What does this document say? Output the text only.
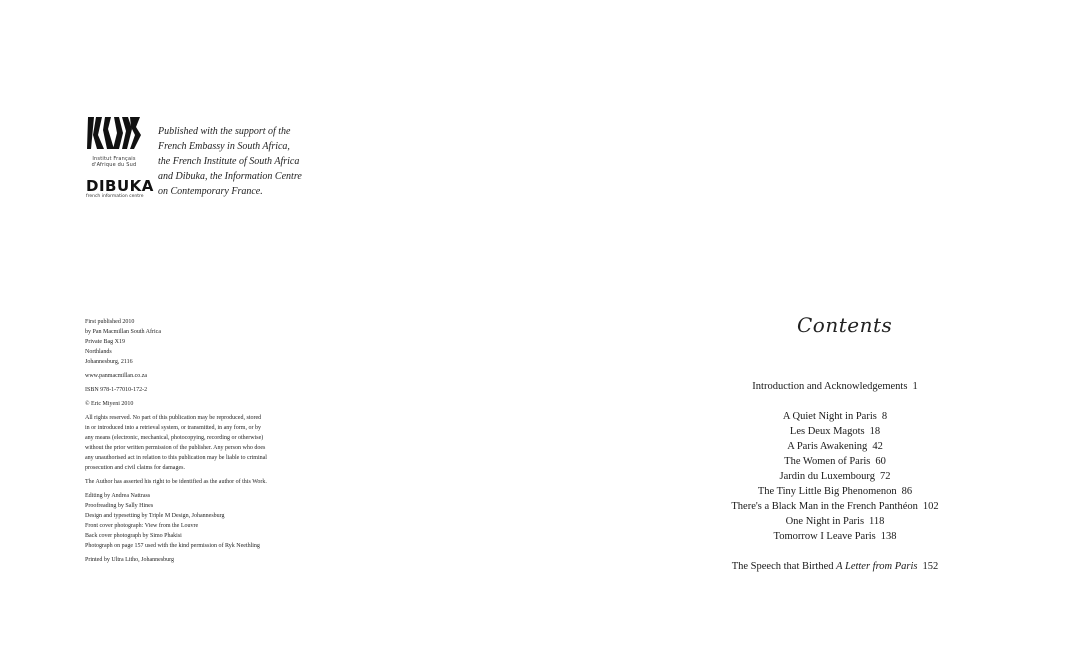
Institut Français
d'Afrique du Sud
DIBUKA
french information centre
Published with the support of the
French Embassy in South Africa,
the French Institute of South Africa
and Dibuka, the Information Centre
on Contemporary France.
First published 2010
by Pan Macmillan South Africa
Private Bag X19
Northlands
Johannesburg, 2116
www.panmacmillan.co.za
ISBN 978-1-77010-172-2
© Eric Miyeni 2010
All rights reserved. No part of this publication may be reproduced, stored
in or introduced into a retrieval system, or transmitted, in any form, or by
any means (electronic, mechanical, photocopying, recording or otherwise)
without the prior written permission of the publisher. Any person who does
any unauthorised act in relation to this publication may be liable to criminal
prosecution and civil claims for damages.
The Author has asserted his right to be identified as the author of this Work.
Editing by Andrea Nattrass
Proofreading by Sally Hines
Design and typesetting by Triple M Design, Johannesburg
Front cover photograph: View from the Louvre
Back cover photograph by Simo Phakisi
Photograph on page 157 used with the kind permission of Ryk Neethling
Printed by Ultra Litho, Johannesburg
Contents
Introduction and Acknowledgements 1
A Quiet Night in Paris 8
Les Deux Magots 18
A Paris Awakening 42
The Women of Paris 60
Jardin du Luxembourg 72
The Tiny Little Big Phenomenon 86
There's a Black Man in the French Panthéon 102
One Night in Paris 118
Tomorrow I Leave Paris 138
The Speech that Birthed A Letter from Paris 152
